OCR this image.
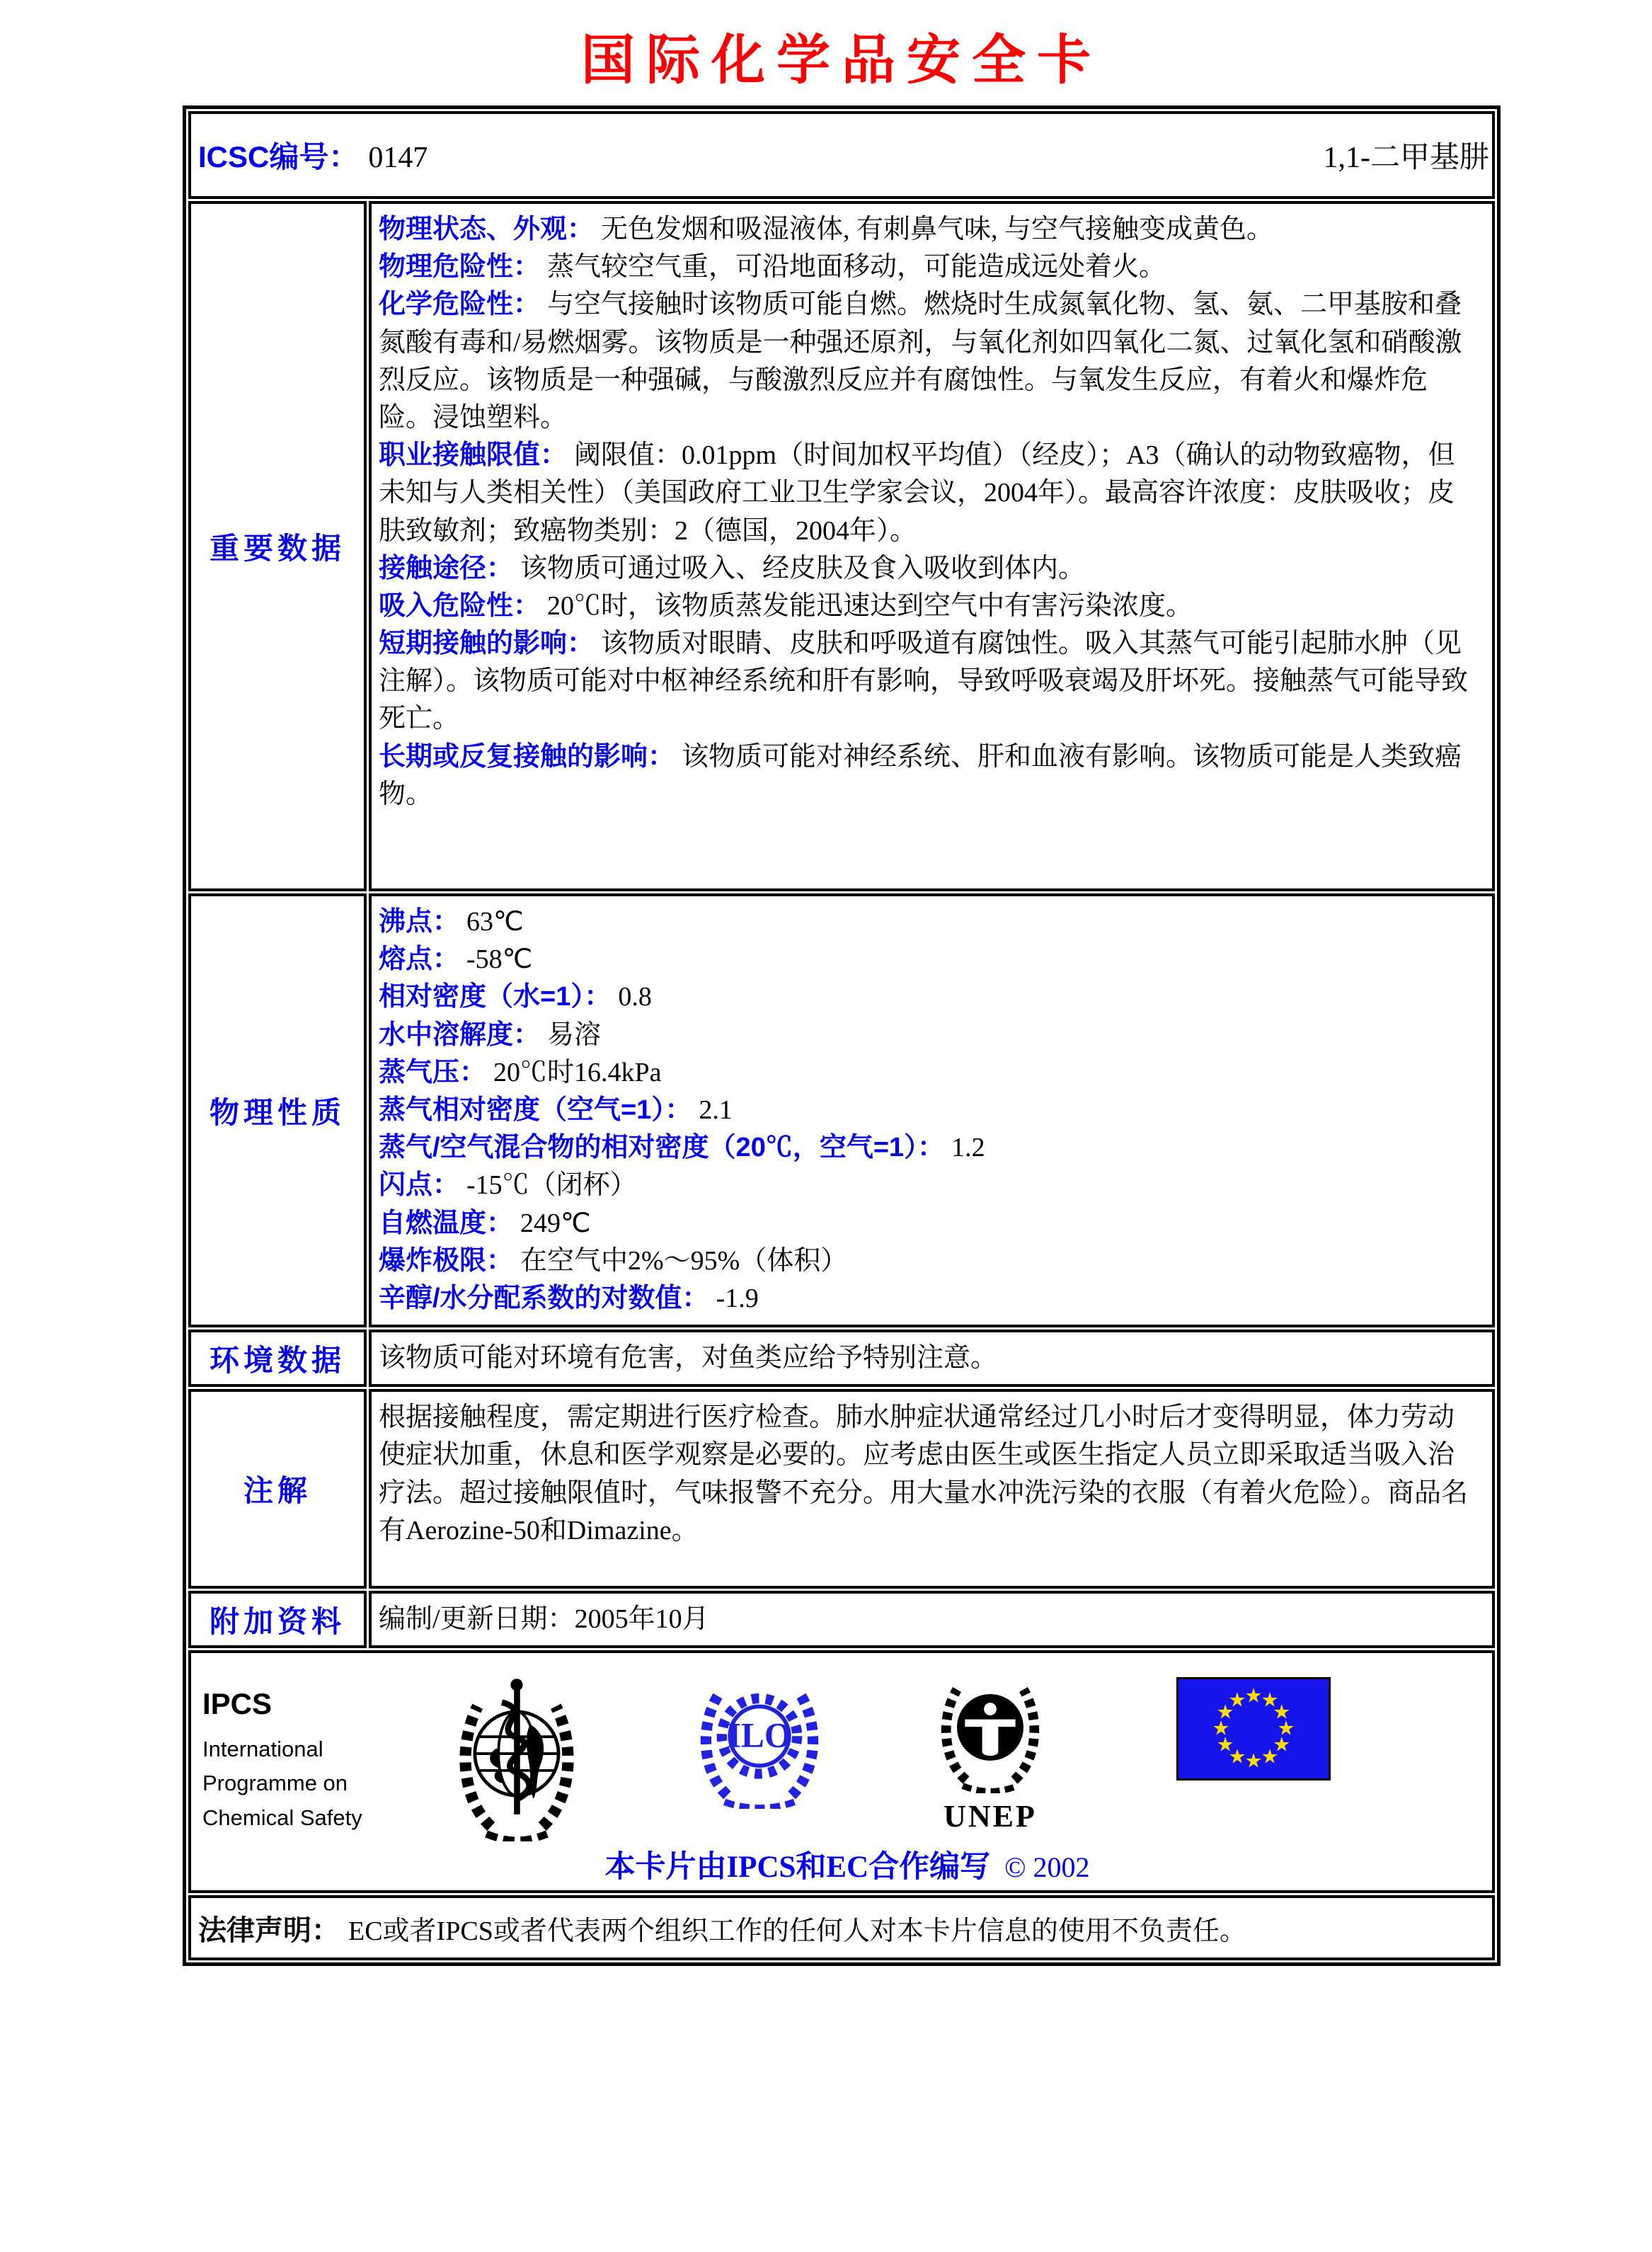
国际化学品安全卡
ICSC编号： 0147 1,1-二甲基肼	

重要数据	
物理状态、外观： 无色发烟和吸湿液体, 有刺鼻气味, 与空气接触变成黄色。
物理危险性： 蒸气较空气重，可沿地面移动，可能造成远处着火。
化学危险性： 与空气接触时该物质可能自燃。燃烧时生成氮氧化物、氢、氨、二甲基胺和叠氮酸有毒和/易燃烟雾。该物质是一种强还原剂，与氧化剂如四氧化二氮、过氧化氢和硝酸激烈反应。该物质是一种强碱，与酸激烈反应并有腐蚀性。与氧发生反应，有着火和爆炸危险。浸蚀塑料。
职业接触限值： 阈限值：0.01ppm（时间加权平均值）（经皮）；A3（确认的动物致癌物，但未知与人类相关性）（美国政府工业卫生学家会议，2004年）。最高容许浓度：皮肤吸收；皮肤致敏剂；致癌物类别：2（德国，2004年）。
接触途径： 该物质可通过吸入、经皮肤及食入吸收到体内。
吸入危险性： 20℃时，该物质蒸发能迅速达到空气中有害污染浓度。
短期接触的影响： 该物质对眼睛、皮肤和呼吸道有腐蚀性。吸入其蒸气可能引起肺水肿（见注解）。该物质可能对中枢神经系统和肝有影响，导致呼吸衰竭及肝坏死。接触蒸气可能导致死亡。
长期或反复接触的影响： 该物质可能对神经系统、肝和血液有影响。该物质可能是人类致癌物。

物理性质	
沸点： 63℃
熔点： -58℃
相对密度（水=1）： 0.8
水中溶解度： 易溶
蒸气压： 20℃时16.4kPa
蒸气相对密度（空气=1）： 2.1
蒸气/空气混合物的相对密度（20℃，空气=1）： 1.2
闪点： -15℃（闭杯）
自燃温度： 249℃
爆炸极限： 在空气中2%～95%（体积）
辛醇/水分配系数的对数值： -1.9

环境数据	该物质可能对环境有危害，对鱼类应给予特别注意。
注解	根据接触程度，需定期进行医疗检查。肺水肿症状通常经过几小时后才变得明显，体力劳动使症状加重，休息和医学观察是必要的。应考虑由医生或医生指定人员立即采取适当吸入治疗法。超过接触限值时，气味报警不充分。用大量水冲洗污染的衣服（有着火危险）。商品名有Aerozine-50和Dimazine。
附加资料	编制/更新日期：2005年10月

IPCS
International
Programme on
Chemical Safety
ILO
UNEP
★
★
★
★
★
★
★
★
★
★
★
★
本卡片由IPCS和EC合作编写 © 2002

法律声明： EC或者IPCS或者代表两个组织工作的任何人对本卡片信息的使用不负责任。	
